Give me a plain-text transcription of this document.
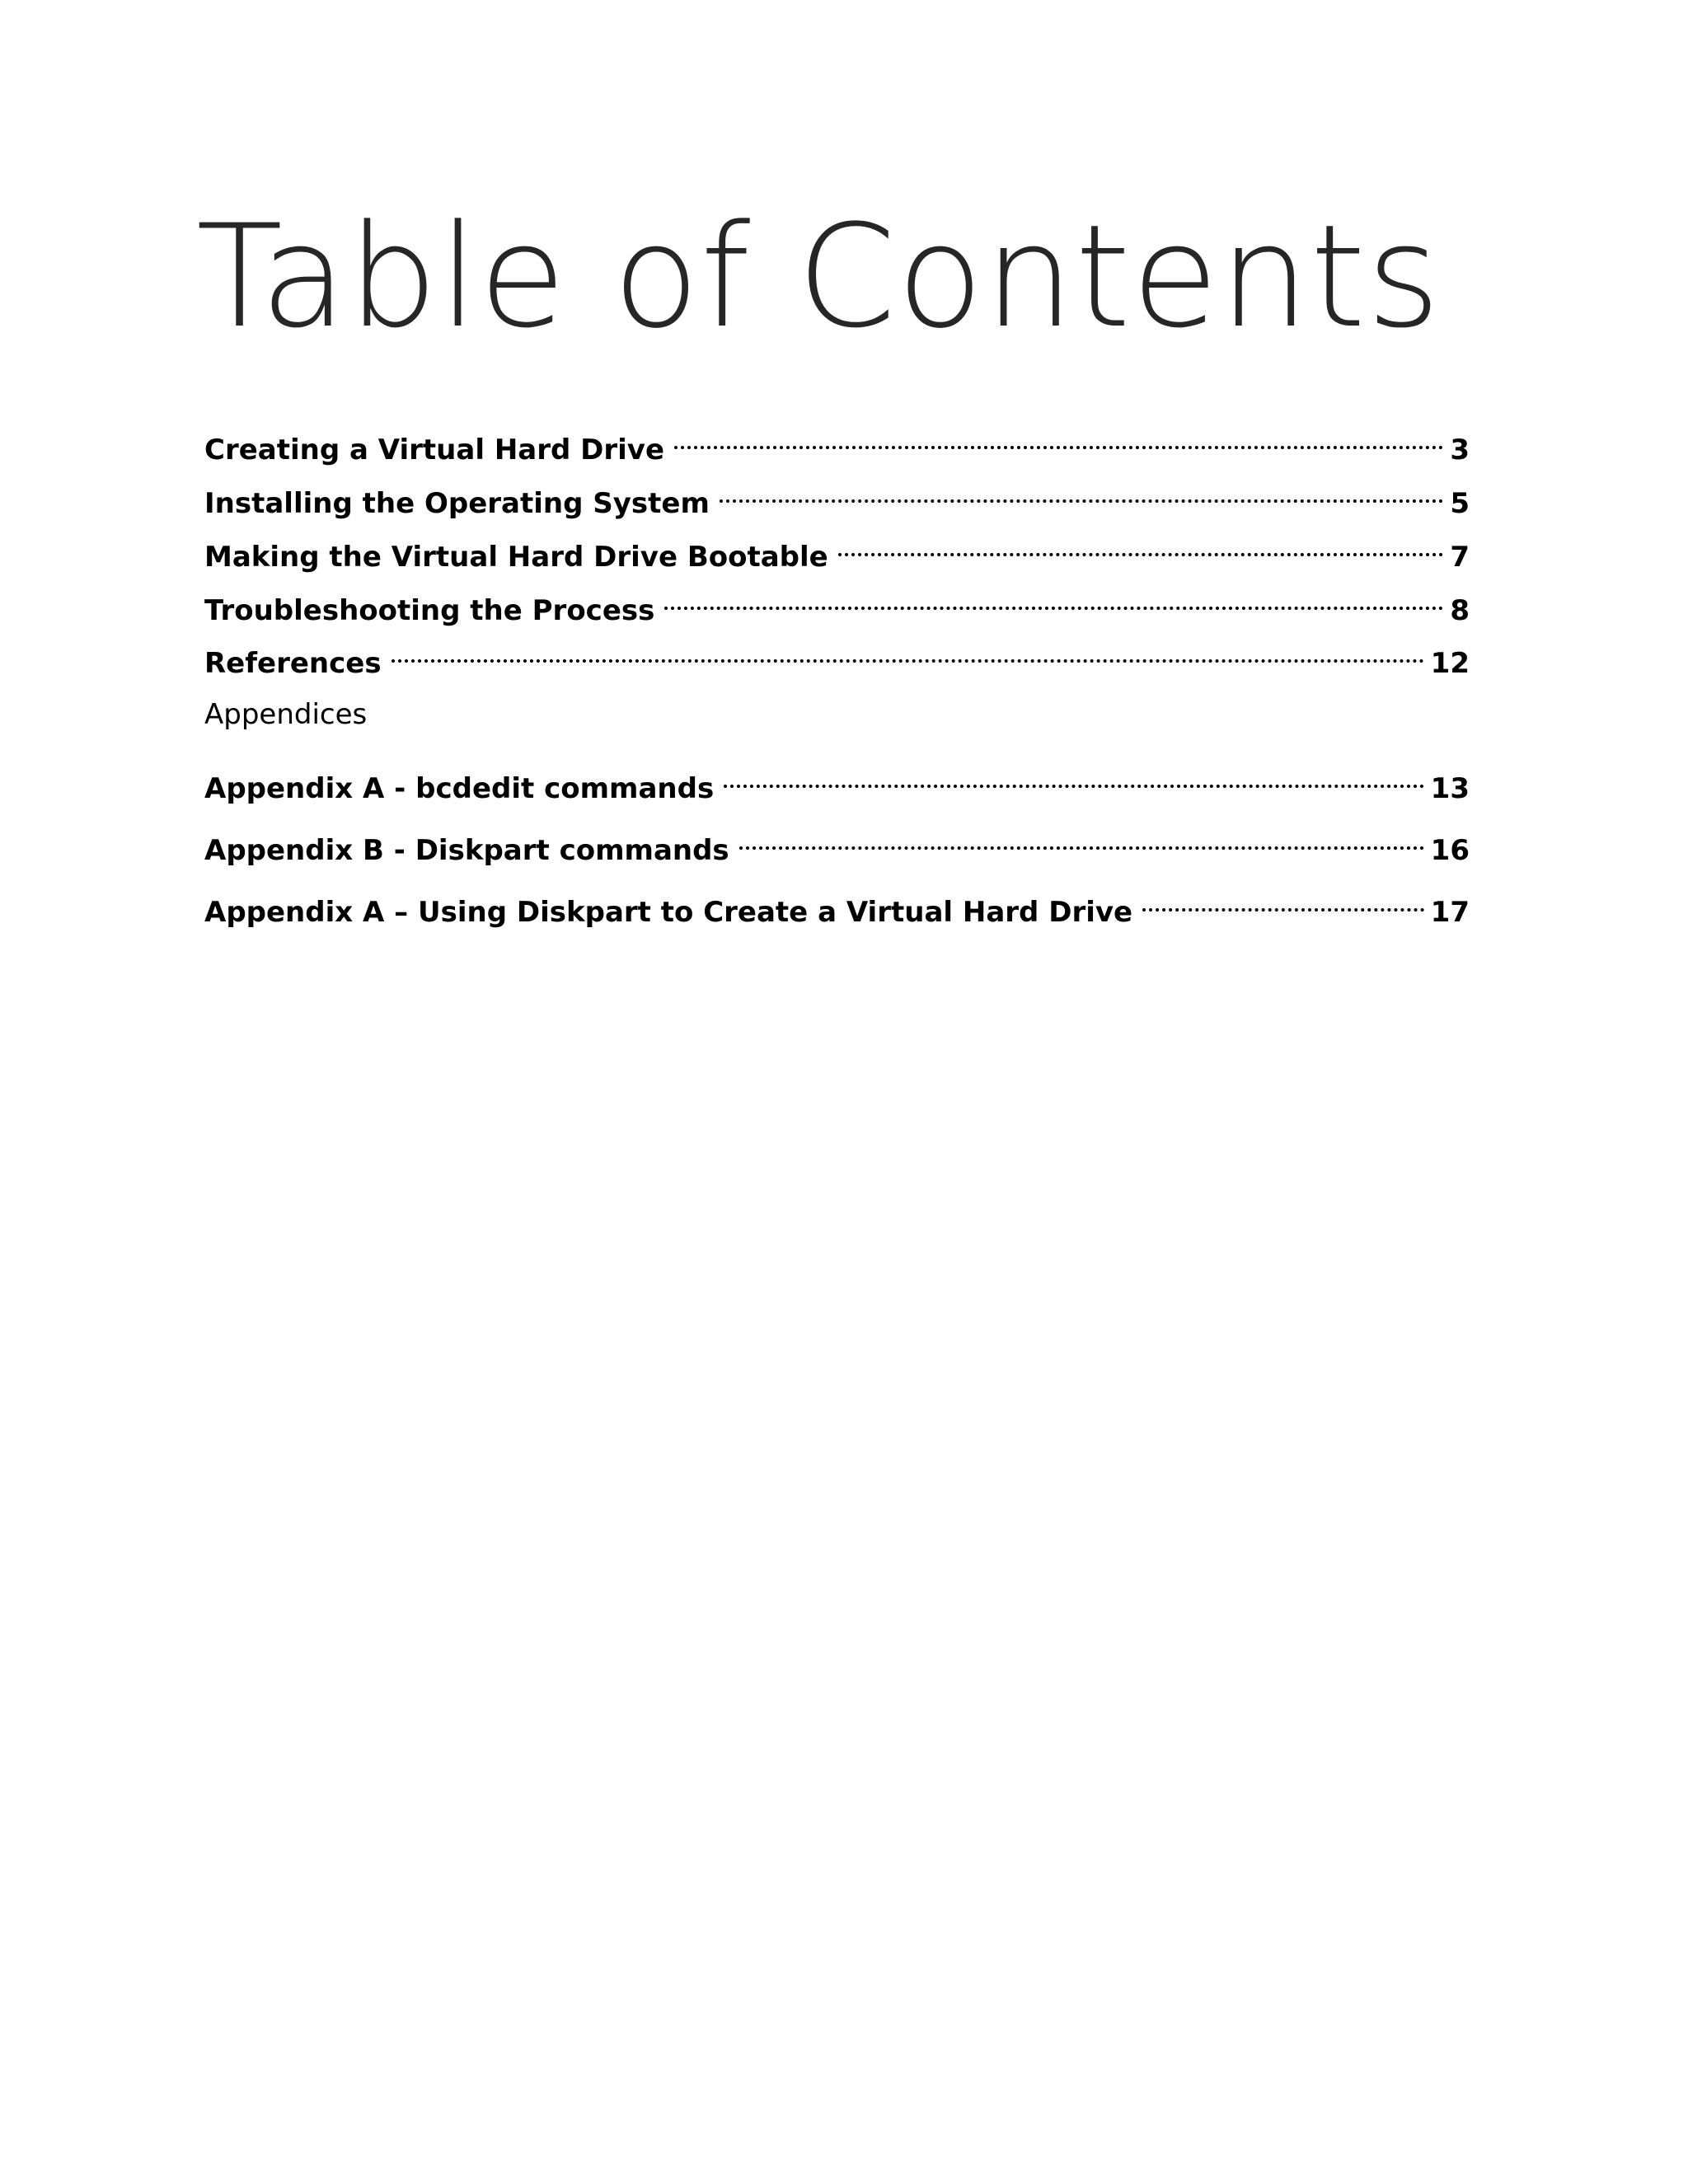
Table of Contents
Creating a Virtual Hard Drive	3
Installing the Operating System	5
Making the Virtual Hard Drive Bootable	7
Troubleshooting the Process	8
References	12
Appendices
Appendix A - bcdedit commands	13
Appendix B - Diskpart commands	16
Appendix A – Using Diskpart to Create a Virtual Hard Drive	17
